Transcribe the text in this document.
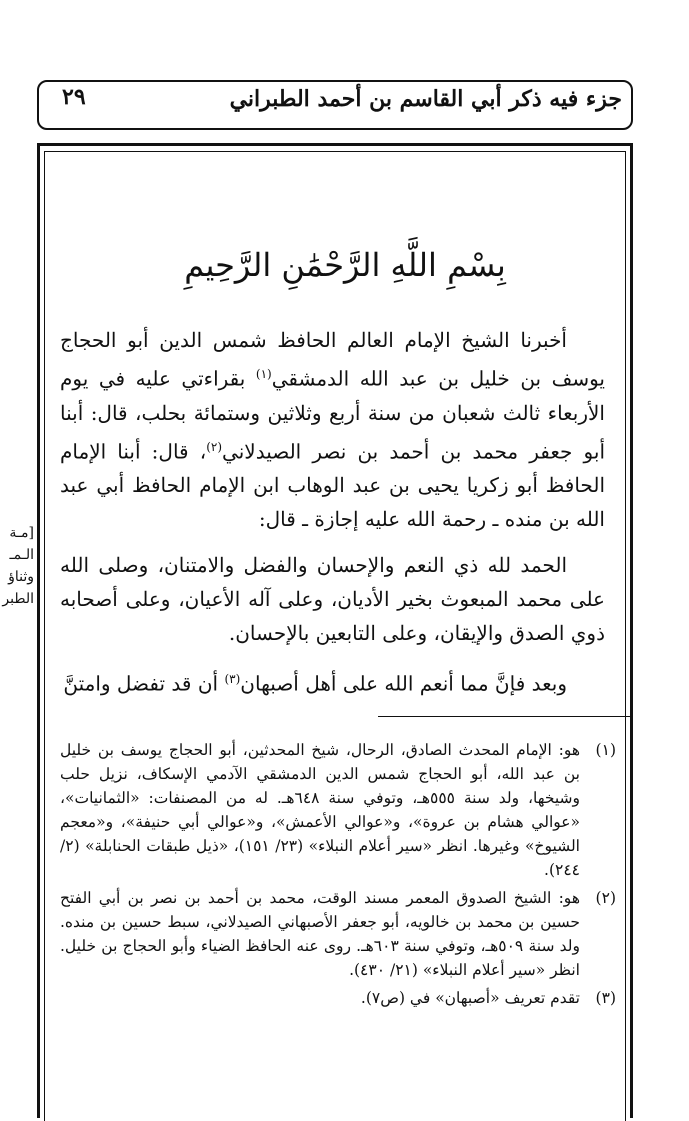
٢٩	جزء فيه ذكر أبي القاسم بن أحمد الطبراني
بِسْمِ اللَّهِ الرَّحْمَٰنِ الرَّحِيمِ

أخبرنا الشيخ الإمام العالم الحافظ شمس الدين أبو الحجاج يوسف بن خليل بن عبد الله الدمشقي$^{(١)}$ بقراءتي عليه في يوم الأربعاء ثالث شعبان من سنة أربع وثلاثين وستمائة بحلب، قال: أبنا أبو جعفر محمد بن أحمد بن نصر الصيدلاني$^{(٢)}$، قال: أبنا الإمام الحافظ أبو زكريا يحيى بن عبد الوهاب ابن الإمام الحافظ أبي عبد الله بن منده ـ رحمة الله عليه إجازة ـ قال:

الحمد لله ذي النعم والإحسان والفضل والامتنان، وصلى الله على محمد المبعوث بخير الأديان، وعلى آله الأعيان، وعلى أصحابه ذوي الصدق والإيقان، وعلى التابعين بالإحسان.

وبعد فإنَّ مما أنعم الله على أهل أصبهان$^{(٣)}$ أن قد تفضل وامتنَّ

[مـة
الـمـ
وثناؤ
الطبر
(١)
هو: الإمام المحدث الصادق، الرحال، شيخ المحدثين، أبو الحجاج يوسف بن خليل بن عبد الله، أبو الحجاج شمس الدين الدمشقي الآدمي الإسكاف، نزيل حلب وشيخها، ولد سنة ٥٥٥هـ، وتوفي سنة ٦٤٨هـ. له من المصنفات: «الثمانيات»، «عوالي هشام بن عروة»، و«عوالي الأعمش»، و«عوالي أبي حنيفة»، و«معجم الشيوخ» وغيرها. انظر «سير أعلام النبلاء» (٢٣/ ١٥١)، «ذيل طبقات الحنابلة» (٢/ ٢٤٤).
(٢)
هو: الشيخ الصدوق المعمر مسند الوقت، محمد بن أحمد بن نصر بن أبي الفتح حسين بن محمد بن خالويه، أبو جعفر الأصبهاني الصيدلاني، سبط حسين بن منده. ولد سنة ٥٠٩هـ، وتوفي سنة ٦٠٣هـ. روى عنه الحافظ الضياء وأبو الحجاج بن خليل. انظر «سير أعلام النبلاء» (٢١/ ٤٣٠).
(٣)
تقدم تعريف «أصبهان» في (ص٧).
